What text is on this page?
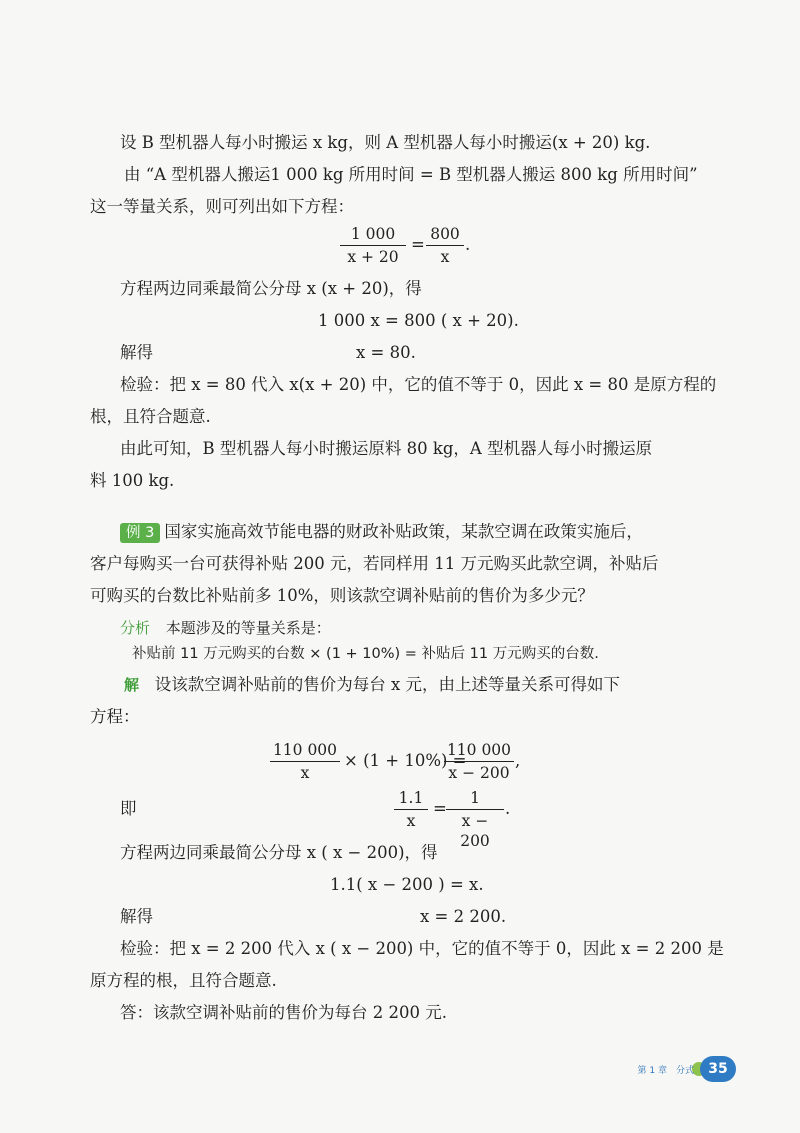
设 B 型机器人每小时搬运 x kg，则 A 型机器人每小时搬运(x + 20) kg.
由 “A 型机器人搬运1 000 kg 所用时间 = B 型机器人搬运 800 kg 所用时间”
这一等量关系，则可列出如下方程：
1 000
x + 20
=
800
x
.
方程两边同乘最简公分母 x (x + 20)，得
1 000 x = 800 ( x + 20).
解得	x = 80.
检验：把 x = 80 代入 x(x + 20) 中，它的值不等于 0，因此 x = 80 是原方程的
根，且符合题意.
由此可知，B 型机器人每小时搬运原料 80 kg，A 型机器人每小时搬运原
料 100 kg.
例 3 国家实施高效节能电器的财政补贴政策，某款空调在政策实施后，
客户每购买一台可获得补贴 200 元，若同样用 11 万元购买此款空调，补贴后
可购买的台数比补贴前多 10%，则该款空调补贴前的售价为多少元？
分析 本题涉及的等量关系是：
补贴前 11 万元购买的台数 × (1 + 10%) = 补贴后 11 万元购买的台数.
解 设该款空调补贴前的售价为每台 x 元，由上述等量关系可得如下
方程：
110 000
x
× (1 + 10%) =
110 000
x − 200
,
即
1.1
x
=
1
x − 200
.
方程两边同乘最简公分母 x ( x − 200)，得
1.1( x − 200 ) = x.
解得	x = 2 200.
检验：把 x = 2 200 代入 x ( x − 200) 中，它的值不等于 0，因此 x = 2 200 是
原方程的根，且符合题意.
答：该款空调补贴前的售价为每台 2 200 元.
第 1 章　分式	35
